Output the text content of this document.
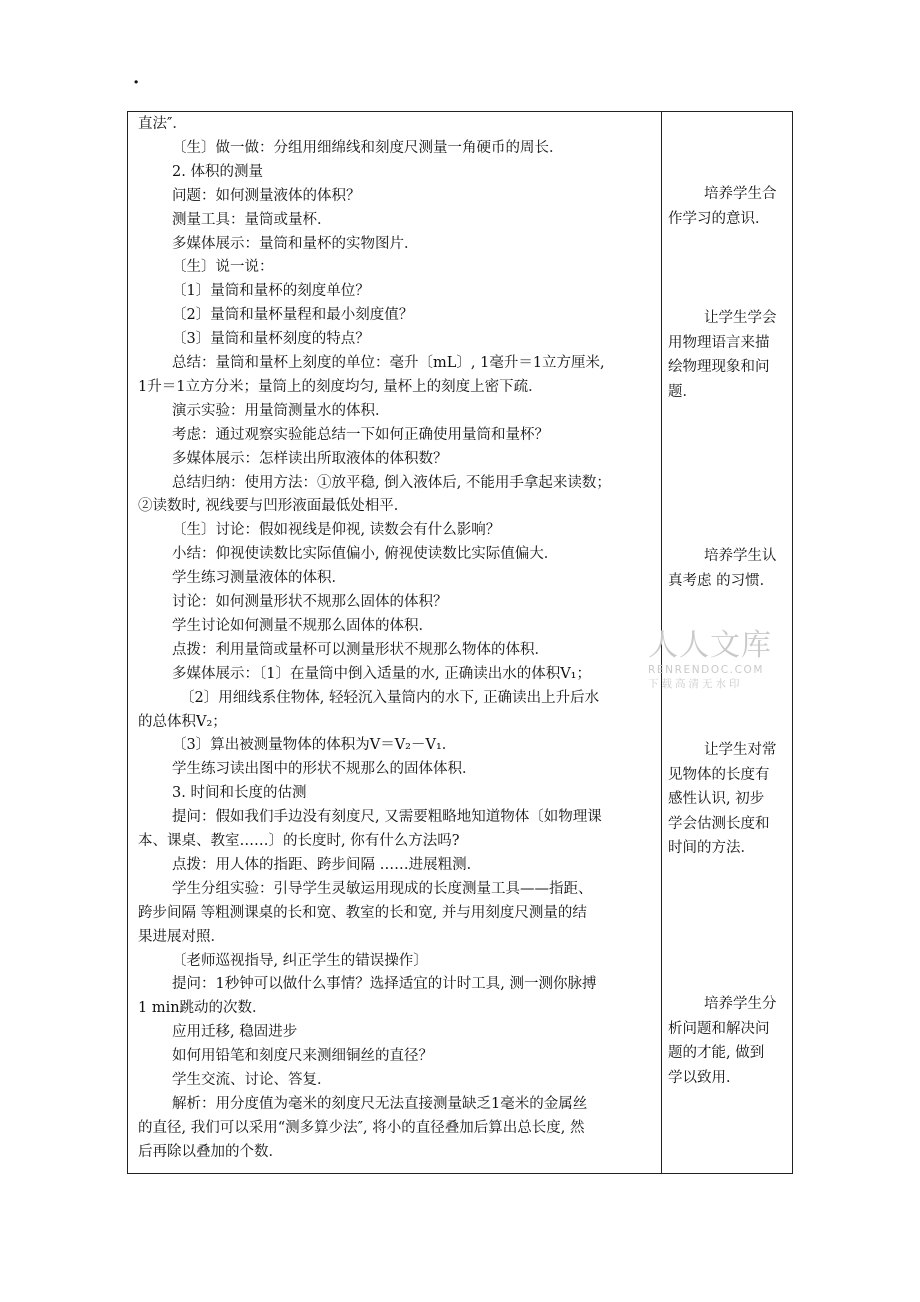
·
直法″．
〔生〕做一做：分组用细绵线和刻度尺测量一角硬币的周长．
2. 体积的测量
问题：如何测量液体的体积？
测量工具：量筒或量杯．
多媒体展示：量筒和量杯的实物图片．
〔生〕说一说：
〔1〕量筒和量杯的刻度单位？
〔2〕量筒和量杯量程和最小刻度值？
〔3〕量筒和量杯刻度的特点？
总结：量筒和量杯上刻度的单位：毫升〔mL〕, 1毫升＝1立方厘米,
1升＝1立方分米；量筒上的刻度均匀, 量杯上的刻度上密下疏．
演示实验：用量筒测量水的体积．
考虑：通过观察实验能总结一下如何正确使用量筒和量杯？
多媒体展示：怎样读出所取液体的体积数？
总结归纳：使用方法：①放平稳, 倒入液体后, 不能用手拿起来读数；
②读数时, 视线要与凹形液面最低处相平．
〔生〕讨论：假如视线是仰视, 读数会有什么影响？
小结：仰视使读数比实际值偏小, 俯视使读数比实际值偏大．
学生练习测量液体的体积．
讨论：如何测量形状不规那么固体的体积？
学生讨论如何测量不规那么固体的体积．
点拨：利用量筒或量杯可以测量形状不规那么物体的体积．
多媒体展示：〔1〕在量筒中倒入适量的水, 正确读出水的体积V₁；
〔2〕用细线系住物体, 轻轻沉入量筒内的水下, 正确读出上升后水
的总体积V₂；
〔3〕算出被测量物体的体积为V＝V₂－V₁．
学生练习读出图中的形状不规那么的固体体积．
3. 时间和长度的估测
提问：假如我们手边没有刻度尺, 又需要粗略地知道物体〔如物理课
本、课桌、教室……〕的长度时, 你有什么方法吗?
点拨：用人体的指距、跨步间隔 ……进展粗测．
学生分组实验：引导学生灵敏运用现成的长度测量工具——指距、
跨步间隔 等粗测课桌的长和宽、教室的长和宽, 并与用刻度尺测量的结
果进展对照．
〔老师巡视指导, 纠正学生的错误操作〕
提问：1秒钟可以做什么事情？选择适宜的计时工具, 测一测你脉搏
1 min跳动的次数．
应用迁移, 稳固进步
如何用铅笔和刻度尺来测细铜丝的直径？
学生交流、讨论、答复．
解析：用分度值为毫米的刻度尺无法直接测量缺乏1毫米的金属丝
的直径, 我们可以采用“测多算少法″, 将小的直径叠加后算出总长度, 然
后再除以叠加的个数．
培养学生合
作学习的意识．
让学生学会
用物理语言来描
绘物理现象和问
题．
培养学生认
真考虑 的习惯．
让学生对常
见物体的长度有
感性认识, 初步
学会估测长度和
时间的方法．
培养学生分
析问题和解决问
题的才能, 做到
学以致用．
人人文库
RENRENDOC.COM
下载高清无水印
